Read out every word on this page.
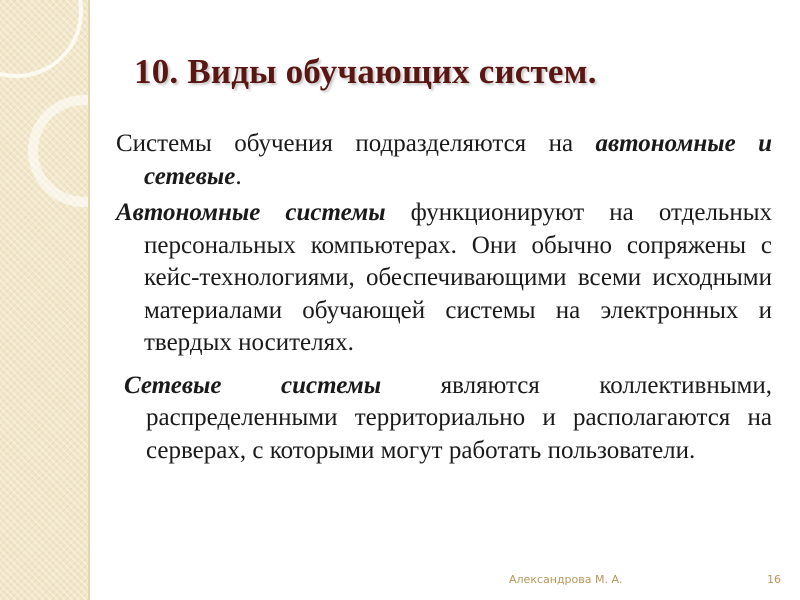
10. Виды обучающих систем.

Системы обучения подразделяются на автономные и сетевые.

Автономные системы функционируют на отдельных персональных компьютерах. Они обычно сопряжены с кейс-технологиями, обеспечивающими всеми исходными материалами обучающей системы на электронных и твердых носителях.

Сетевые системы являются коллективными, распределенными территориально и располагаются на серверах, с которыми могут работать пользователи.

Александрова М. А.	16
